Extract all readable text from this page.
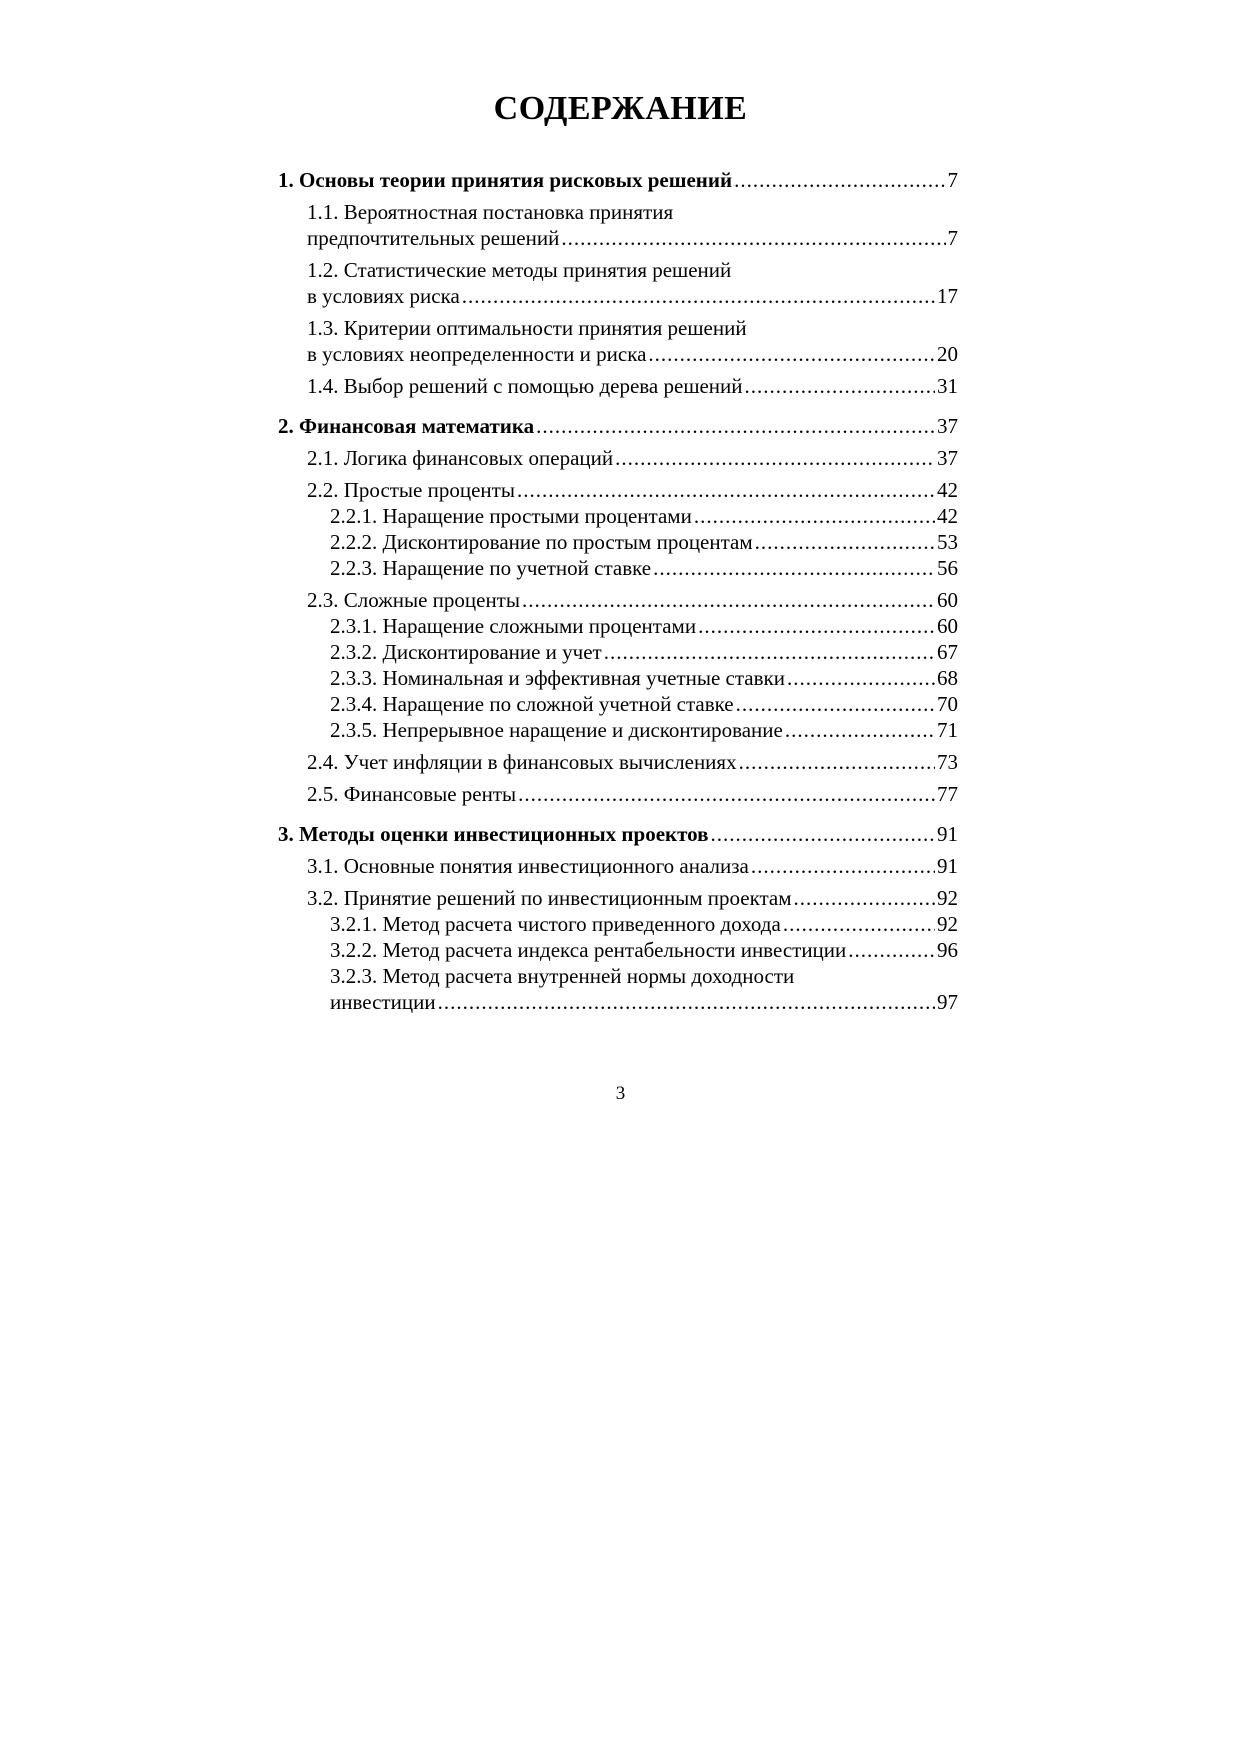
СОДЕРЖАНИЕ
1. Основы теории принятия рисковых решений .....	7
1.1. Вероятностная постановка принятия
предпочтительных решений .....	7
1.2. Статистические методы принятия решений
в условиях риска .....	17
1.3. Критерии оптимальности принятия решений
в условиях неопределенности и риска .....	20
1.4. Выбор решений с помощью дерева решений .....	31
2. Финансовая математика .....	37
2.1. Логика финансовых операций .....	37
2.2. Простые проценты .....	42
2.2.1. Наращение простыми процентами .....	42
2.2.2. Дисконтирование по простым процентам .....	53
2.2.3. Наращение по учетной ставке .....	56
2.3. Сложные проценты .....	60
2.3.1. Наращение сложными процентами .....	60
2.3.2. Дисконтирование и учет .....	67
2.3.3. Номинальная и эффективная учетные ставки .....	68
2.3.4. Наращение по сложной учетной ставке .....	70
2.3.5. Непрерывное наращение и дисконтирование .....	71
2.4. Учет инфляции в финансовых вычислениях .....	73
2.5. Финансовые ренты .....	77
3. Методы оценки инвестиционных проектов .....	91
3.1. Основные понятия инвестиционного анализа .....	91
3.2. Принятие решений по инвестиционным проектам .....	92
3.2.1. Метод расчета чистого приведенного дохода .....	92
3.2.2. Метод расчета индекса рентабельности инвестиции .....	96
3.2.3. Метод расчета внутренней нормы доходности
инвестиции .....	97
3
